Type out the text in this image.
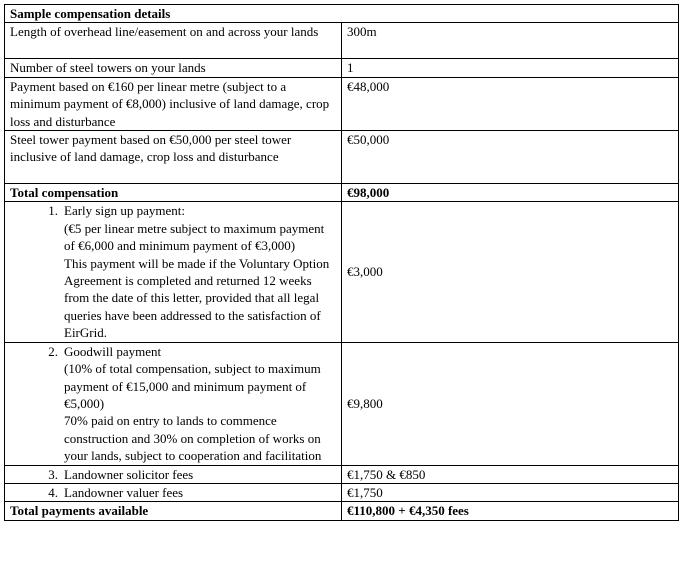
Sample compensation details	
Length of overhead line/easement on and across your lands	300m
Number of steel towers on your lands	1
Payment based on €160 per linear metre (subject to a minimum payment of €8,000) inclusive of land damage, crop loss and disturbance	€48,000
Steel tower payment based on €50,000 per steel tower inclusive of land damage, crop loss and disturbance	€50,000
Total compensation	€98,000

1. Early sign up payment:
(€5 per linear metre subject to maximum payment of €6,000 and minimum payment of €3,000)
This payment will be made if the Voluntary Option Agreement is completed and returned 12 weeks from the date of this letter, provided that all legal queries have been addressed to the satisfaction of EirGrid.	€3,000

2. Goodwill payment
(10% of total compensation, subject to maximum payment of €15,000 and minimum payment of €5,000)
70% paid on entry to lands to commence construction and 30% on completion of works on your lands, subject to cooperation and facilitation	€9,800

3. Landowner solicitor fees	€1,750 & €850

4. Landowner valuer fees	€1,750
Total payments available	€110,800 + €4,350 fees
